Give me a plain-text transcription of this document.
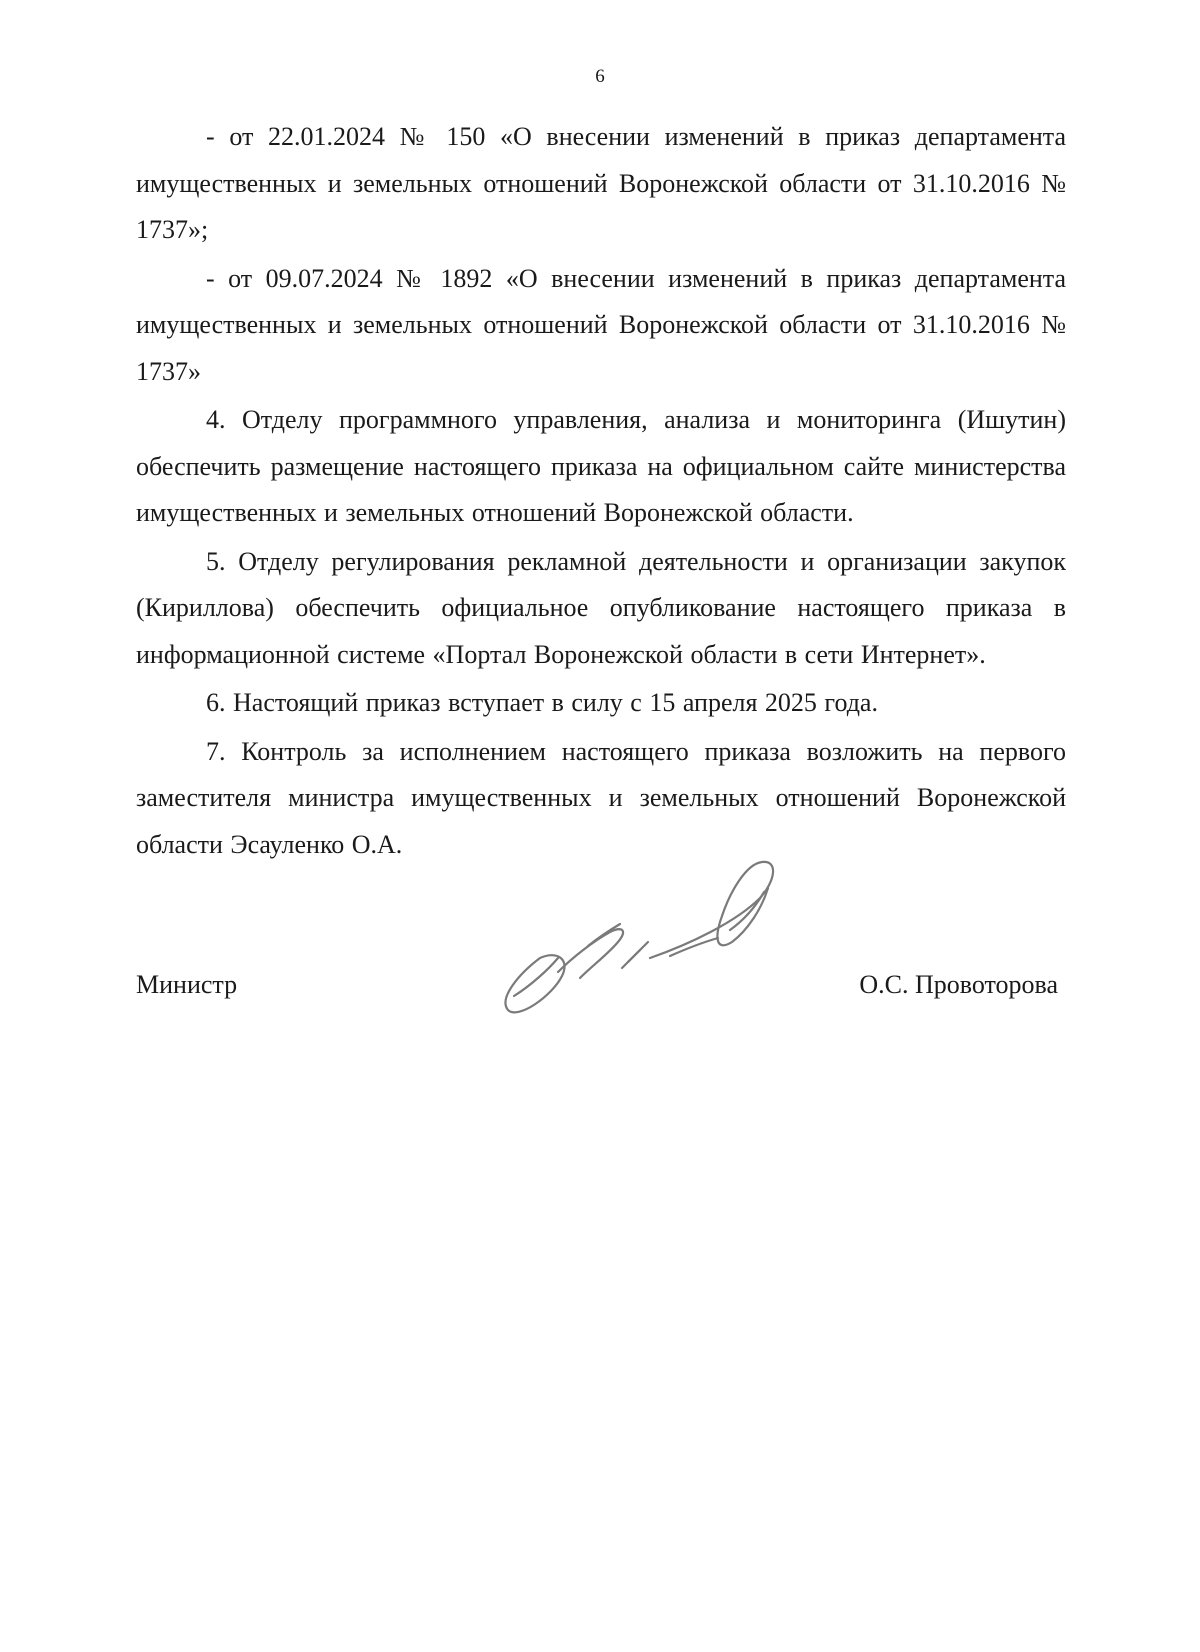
6

- от 22.01.2024 № 150 «О внесении изменений в приказ департамента имущественных и земельных отношений Воронежской области от 31.10.2016 № 1737»;

- от 09.07.2024 № 1892 «О внесении изменений в приказ департамента имущественных и земельных отношений Воронежской области от 31.10.2016 № 1737»

4. Отделу программного управления, анализа и мониторинга (Ишутин) обеспечить размещение настоящего приказа на официальном сайте министерства имущественных и земельных отношений Воронежской области.

5. Отделу регулирования рекламной деятельности и организации закупок (Кириллова) обеспечить официальное опубликование настоящего приказа в информационной системе «Портал Воронежской области в сети Интернет».

6. Настоящий приказ вступает в силу с 15 апреля 2025 года.

7. Контроль за исполнением настоящего приказа возложить на первого заместителя министра имущественных и земельных отношений Воронежской области Эсауленко О.А.

Министр	О.С. Провоторова
